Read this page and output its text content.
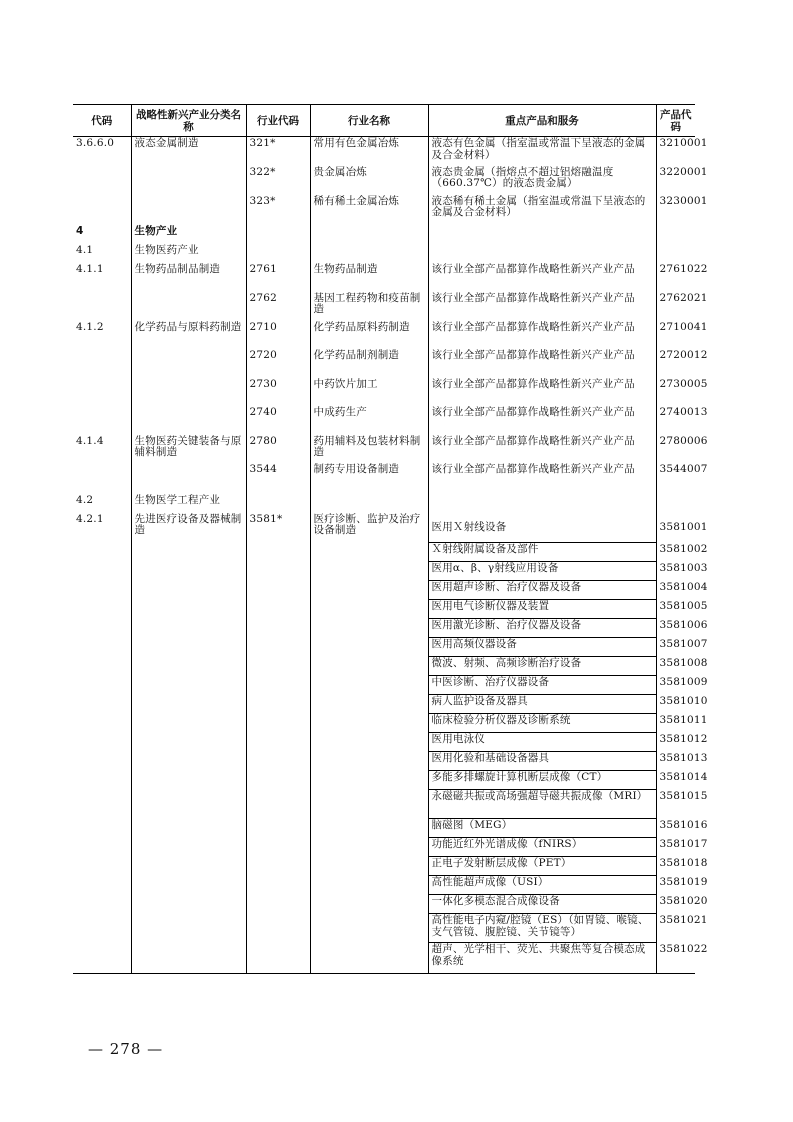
代码	战略性新兴产业分类名称	行业代码	行业名称	重点产品和服务	产品代码
3.6.6.0	液态金属制造	321*	常用有色金属冶炼	液态有色金属（指室温或常温下呈液态的金属及合金材料）	3210001
		322*	贵金属冶炼	液态贵金属（指熔点不超过铝熔融温度（660.37℃）的液态贵金属）	3220001
		323*	稀有稀土金属冶炼	液态稀有稀土金属（指室温或常温下呈液态的金属及合金材料）	3230001
4	生物产业				
4.1	生物医药产业				
4.1.1	生物药品制品制造	2761	生物药品制造	该行业全部产品都算作战略性新兴产业产品	2761022
		2762	基因工程药物和疫苗制造	该行业全部产品都算作战略性新兴产业产品	2762021
4.1.2	化学药品与原料药制造	2710	化学药品原料药制造	该行业全部产品都算作战略性新兴产业产品	2710041
		2720	化学药品制剂制造	该行业全部产品都算作战略性新兴产业产品	2720012
		2730	中药饮片加工	该行业全部产品都算作战略性新兴产业产品	2730005
		2740	中成药生产	该行业全部产品都算作战略性新兴产业产品	2740013
4.1.4	生物医药关键装备与原辅料制造	2780	药用辅料及包装材料制造	该行业全部产品都算作战略性新兴产业产品	2780006
		3544	制药专用设备制造	该行业全部产品都算作战略性新兴产业产品	3544007
4.2	生物医学工程产业				
4.2.1	先进医疗设备及器械制造	3581*	医疗诊断、监护及治疗设备制造	医用Ｘ射线设备	3581001
				Ｘ射线附属设备及部件	3581002
				医用α、β、γ射线应用设备	3581003
				医用超声诊断、治疗仪器及设备	3581004
				医用电气诊断仪器及装置	3581005
				医用激光诊断、治疗仪器及设备	3581006
				医用高频仪器设备	3581007
				微波、射频、高频诊断治疗设备	3581008
				中医诊断、治疗仪器设备	3581009
				病人监护设备及器具	3581010
				临床检验分析仪器及诊断系统	3581011
				医用电泳仪	3581012
				医用化验和基础设备器具	3581013
				多能多排螺旋计算机断层成像（CT）	3581014
				永磁磁共振或高场强超导磁共振成像（MRI）	3581015
				脑磁图（MEG）	3581016
				功能近红外光谱成像（fNIRS）	3581017
				正电子发射断层成像（PET）	3581018
				高性能超声成像（USI）	3581019
				一体化多模态混合成像设备	3581020
				高性能电子内窥/腔镜（ES）（如胃镜、喉镜、支气管镜、腹腔镜、关节镜等）	3581021
				超声、光学相干、荧光、共聚焦等复合模态成像系统	3581022
— 278 —
